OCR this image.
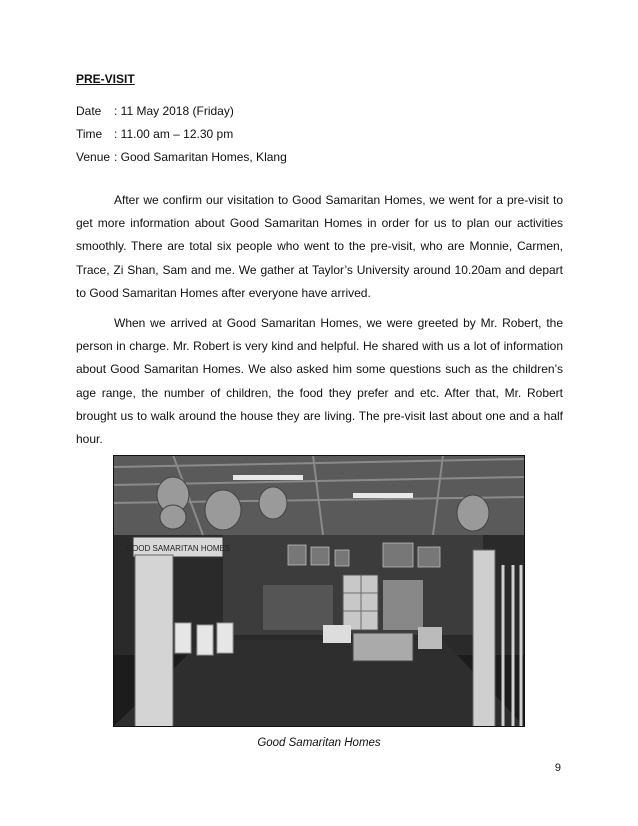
PRE-VISIT
Date : 11 May 2018 (Friday)
Time : 11.00 am – 12.30 pm
Venue : Good Samaritan Homes, Klang

After we confirm our visitation to Good Samaritan Homes, we went for a pre-visit to get more information about Good Samaritan Homes in order for us to plan our activities smoothly. There are total six people who went to the pre-visit, who are Monnie, Carmen, Trace, Zi Shan, Sam and me. We gather at Taylor’s University around 10.20am and depart to Good Samaritan Homes after everyone have arrived.

When we arrived at Good Samaritan Homes, we were greeted by Mr. Robert, the person in charge. Mr. Robert is very kind and helpful. He shared with us a lot of information about Good Samaritan Homes. We also asked him some questions such as the children’s age range, the number of children, the food they prefer and etc. After that, Mr. Robert brought us to walk around the house they are living. The pre-visit last about one and a half hour.

GOOD SAMARITAN HOMES
Good Samaritan Homes
9
